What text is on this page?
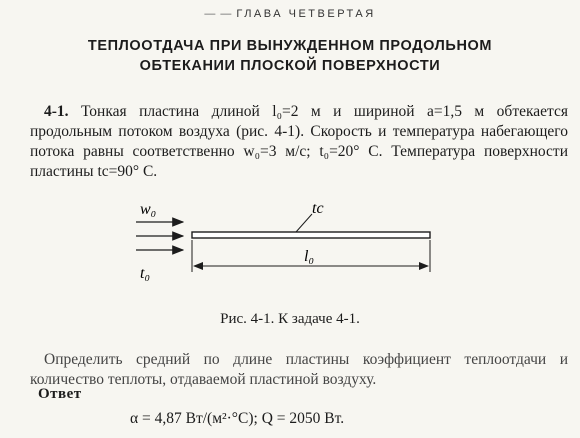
— — ГЛАВА ЧЕТВЕРТАЯ
ТЕПЛООТДАЧА ПРИ ВЫНУЖДЕННОМ ПРОДОЛЬНОМ
ОБТЕКАНИИ ПЛОСКОЙ ПОВЕРХНОСТИ
4-1. Тонкая пластина длиной l₀=2 м и шириной a=1,5 м обтекается продольным потоком воздуха (рис. 4-1). Скорость и температура набегающего потока равны соответственно w₀=3 м/с; t₀=20° С. Температура поверхности пластины tс=90° С.
w₀
t₀
tc
l₀
Рис. 4-1. К задаче 4-1.
Определить средний по длине пластины коэффициент теплоотдачи и количество теплоты, отдаваемой пластиной воздуху.
Ответ
α = 4,87 Вт/(м²·°С); Q = 2050 Вт.
